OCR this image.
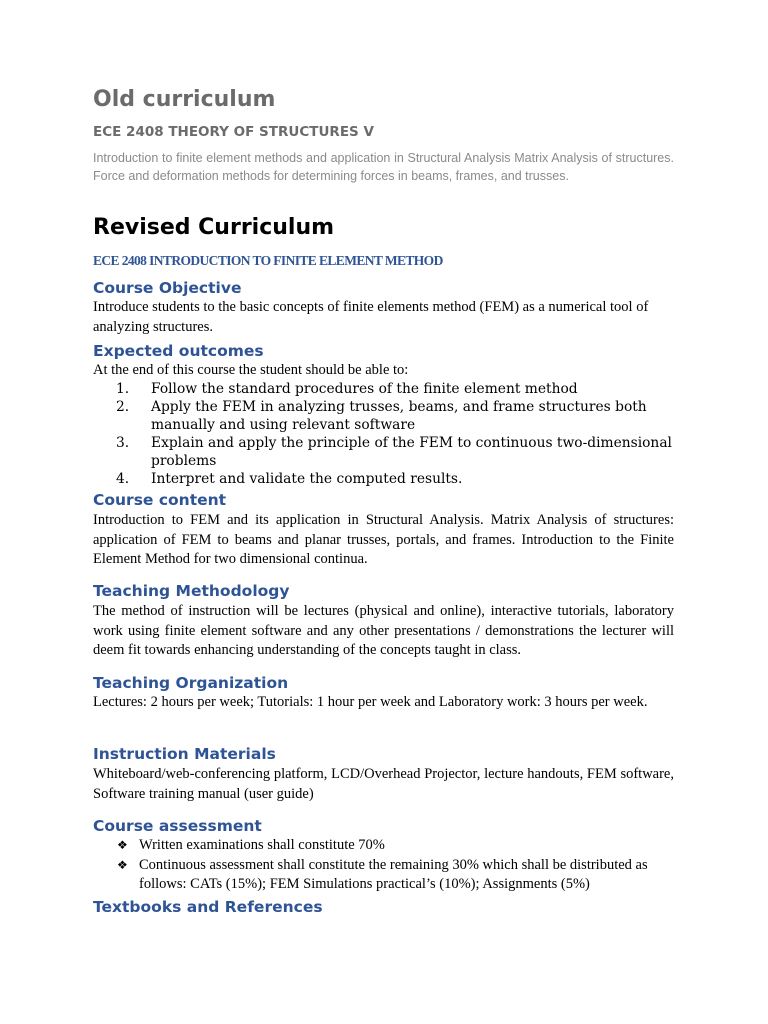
Old curriculum
ECE 2408 THEORY OF STRUCTURES V

Introduction to finite element methods and application in Structural Analysis Matrix Analysis of structures. Force and deformation methods for determining forces in beams, frames, and trusses.

Revised Curriculum
ECE 2408 INTRODUCTION TO FINITE ELEMENT METHOD
Course Objective

Introduce students to the basic concepts of finite elements method (FEM) as a numerical tool of analyzing structures.

Expected outcomes

At the end of this course the student should be able to:

1. Follow the standard procedures of the finite element method
2. Apply the FEM in analyzing trusses, beams, and frame structures both manually and using relevant software
3. Explain and apply the principle of the FEM to continuous two-dimensional problems
4. Interpret and validate the computed results.
Course content

Introduction to FEM and its application in Structural Analysis. Matrix Analysis of structures: application of FEM to beams and planar trusses, portals, and frames. Introduction to the Finite Element Method for two dimensional continua.

Teaching Methodology

The method of instruction will be lectures (physical and online), interactive tutorials, laboratory work using finite element software and any other presentations / demonstrations the lecturer will deem fit towards enhancing understanding of the concepts taught in class.

Teaching Organization

Lectures: 2 hours per week; Tutorials: 1 hour per week and Laboratory work: 3 hours per week.

Instruction Materials

Whiteboard/web-conferencing platform, LCD/Overhead Projector, lecture handouts, FEM software, Software training manual (user guide)

Course assessment
❖ Written examinations shall constitute 70%
❖ Continuous assessment shall constitute the remaining 30% which shall be distributed as follows: CATs (15%); FEM Simulations practical’s (10%); Assignments (5%)
Textbooks and References
